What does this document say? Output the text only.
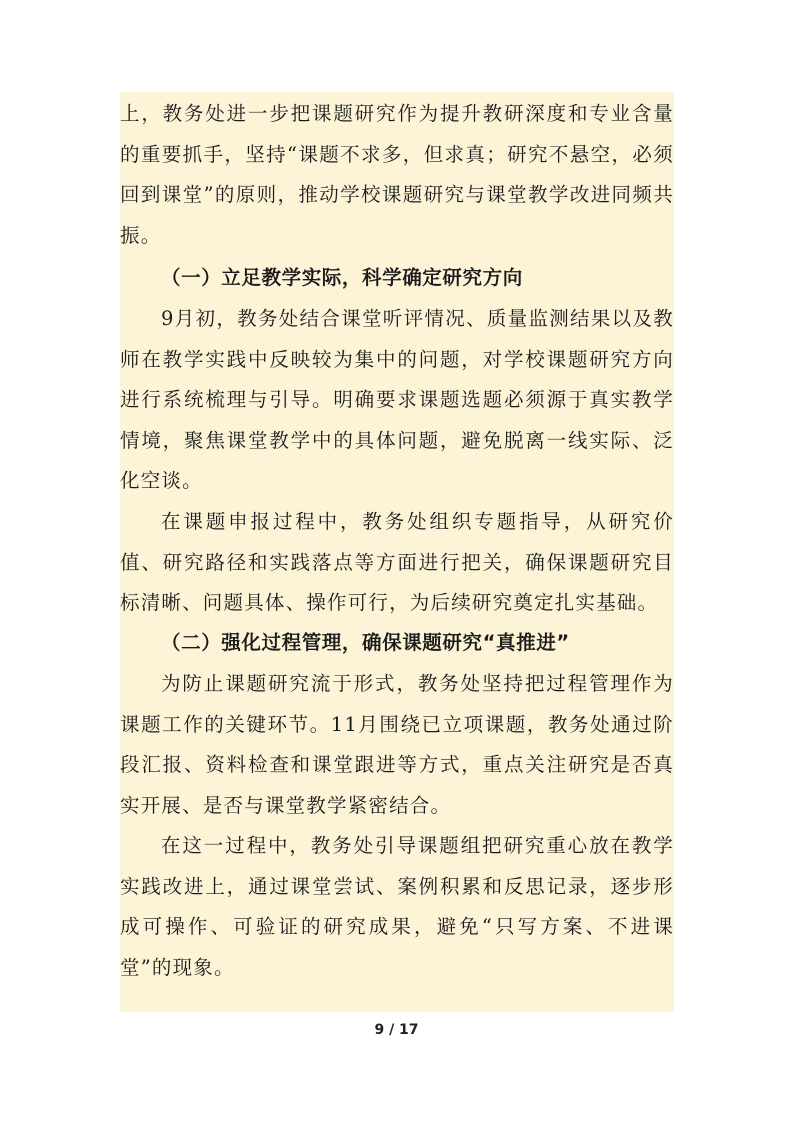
上，教务处进一步把课题研究作为提升教研深度和专业含量的重要抓手，坚持“课题不求多，但求真；研究不悬空，必须回到课堂”的原则，推动学校课题研究与课堂教学改进同频共振。

（一）立足教学实际，科学确定研究方向

9月初，教务处结合课堂听评情况、质量监测结果以及教师在教学实践中反映较为集中的问题，对学校课题研究方向进行系统梳理与引导。明确要求课题选题必须源于真实教学情境，聚焦课堂教学中的具体问题，避免脱离一线实际、泛化空谈。

在课题申报过程中，教务处组织专题指导，从研究价值、研究路径和实践落点等方面进行把关，确保课题研究目标清晰、问题具体、操作可行，为后续研究奠定扎实基础。

（二）强化过程管理，确保课题研究“真推进”

为防止课题研究流于形式，教务处坚持把过程管理作为课题工作的关键环节。11月围绕已立项课题，教务处通过阶段汇报、资料检查和课堂跟进等方式，重点关注研究是否真实开展、是否与课堂教学紧密结合。

在这一过程中，教务处引导课题组把研究重心放在教学实践改进上，通过课堂尝试、案例积累和反思记录，逐步形成可操作、可验证的研究成果，避免“只写方案、不进课堂”的现象。

9 / 17
